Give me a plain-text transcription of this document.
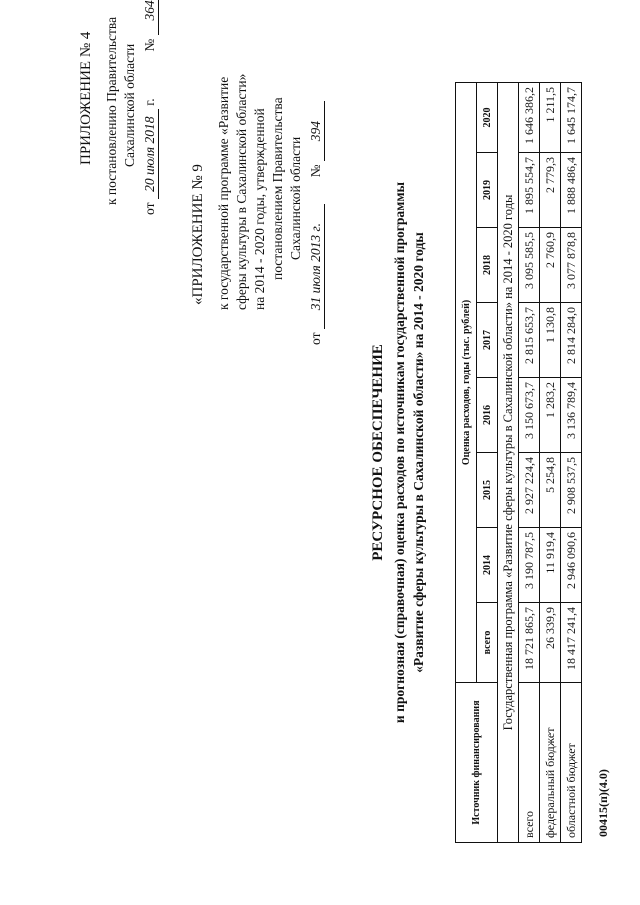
ПРИЛОЖЕНИЕ № 4 к постановлению Правительства Сахалинской области
от 20 июля 2018 г.  № 364
«ПРИЛОЖЕНИЕ № 9 к государственной программе «Развитие сферы культуры в Сахалинской области» на 2014 - 2020 годы, утвержденной постановлением Правительства Сахалинской области
от 31 июля 2013 г.  № 394
РЕСУРСНОЕ ОБЕСПЕЧЕНИЕ и прогнозная (справочная) оценка расходов по источникам государственной программы «Развитие сферы культуры в Сахалинской области» на 2014 - 2020 годы
Источник финансирования	Оценка расходов, годы (тыс. рублей)							
	всего	2014	2015	2016	2017	2018	2019	2020
Государственная программа «Развитие сферы культуры в Сахалинской области» на 2014 - 2020 годы								
всего	18 721 865,7	3 190 787,5	2 927 224,4	3 150 673,7	2 815 653,7	3 095 585,5	1 895 554,7	1 646 386,2
федеральный бюджет	26 339,9	11 919,4	5 254,8	1 283,2	1 130,8	2 760,9	2 779,3	1 211,5
областной бюджет	18 417 241,4	2 946 090,6	2 908 537,5	3 136 789,4	2 814 284,0	3 077 878,8	1 888 486,4	1 645 174,7
00415(п)(4.0)
